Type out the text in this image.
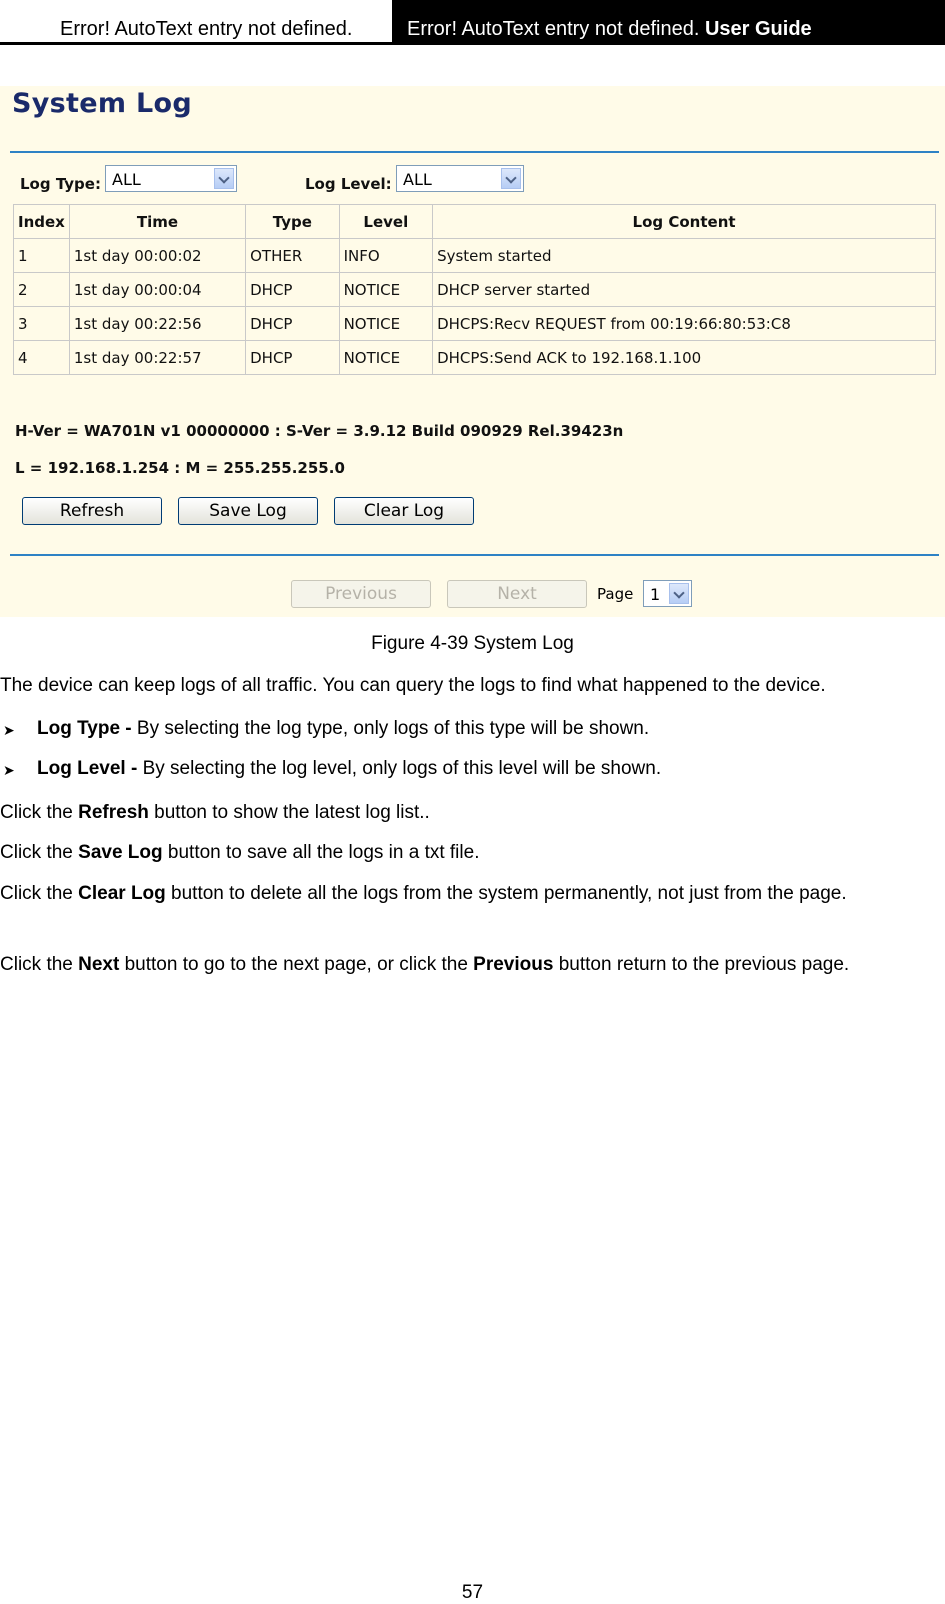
Error! AutoText entry not defined.	Error! AutoText entry not defined. User Guide
System Log
Log Type: ALL	Log Level: ALL
Index	Time	Type	Level	Log Content
1	1st day 00:00:02	OTHER	INFO	System started
2	1st day 00:00:04	DHCP	NOTICE	DHCP server started
3	1st day 00:22:56	DHCP	NOTICE	DHCPS:Recv REQUEST from 00:19:66:80:53:C8
4	1st day 00:22:57	DHCP	NOTICE	DHCPS:Send ACK to 192.168.1.100
H-Ver = WA701N v1 00000000 : S-Ver = 3.9.12 Build 090929 Rel.39423n
L = 192.168.1.254 : M = 255.255.255.0
Refresh	Save Log	Clear Log
Previous	Next	Page 1
Figure 4-39 System Log
The device can keep logs of all traffic. You can query the logs to find what happened to the device.
➤ Log Type - By selecting the log type, only logs of this type will be shown.
➤ Log Level - By selecting the log level, only logs of this level will be shown.
Click the Refresh button to show the latest log list..
Click the Save Log button to save all the logs in a txt file.
Click the Clear Log button to delete all the logs from the system permanently, not just from the page.
Click the Next button to go to the next page, or click the Previous button return to the previous page.
57
